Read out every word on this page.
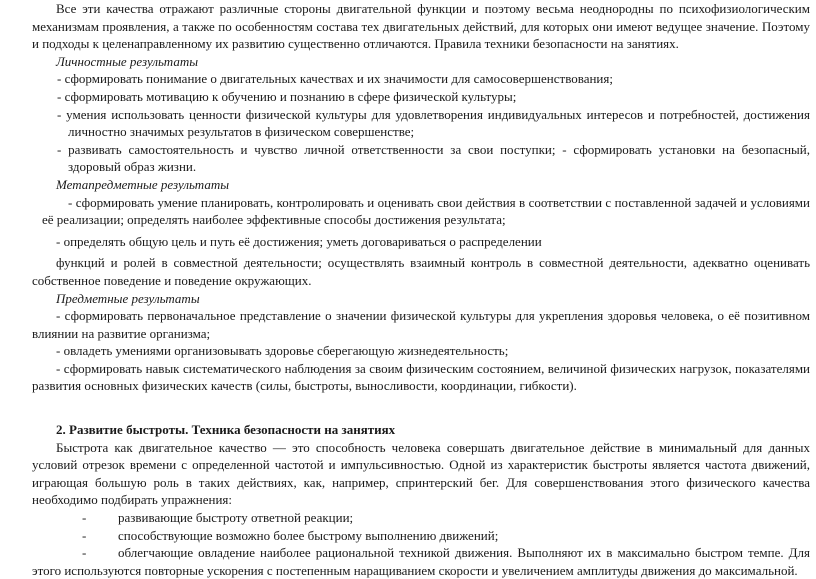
Все эти качества отражают различные стороны двигательной функции и поэтому весьма неоднородны по психофизиологическим механизмам проявления, а также по особенностям состава тех двигательных действий, для которых они имеют ведущее значение. Поэтому и подходы к целенаправленному их развитию существенно отличаются. Правила техники безопасности на занятиях.

Личностные результаты

- сформировать понимание о двигательных качествах и их значимости для самосовершенствования;

- сформировать мотивацию к обучению и познанию в сфере физической культуры;

- умения использовать ценности физической культуры для удовлетворения индивидуальных интересов и потребностей, достижения личностно значимых результатов в физическом совершенстве;

- развивать самостоятельность и чувство личной ответственности за свои поступки; - сформировать установки на безопасный, здоровый образ жизни.

Метапредметные результаты

- сформировать умение планировать, контролировать и оценивать свои действия в соответствии с поставленной задачей и условиями её реализации; определять наиболее эффективные способы достижения результата;

- определять общую цель и путь её достижения; уметь договариваться о распределении

функций и ролей в совместной деятельности; осуществлять взаимный контроль в совместной деятельности, адекватно оценивать собственное поведение и поведение окружающих.

Предметные результаты

- сформировать первоначальное представление о значении физической культуры для укрепления здоровья человека, о её позитивном влиянии на развитие организма;

- овладеть умениями организовывать здоровье сберегающую жизнедеятельность;

- сформировать навык систематического наблюдения за своим физическим состоянием, величиной физических нагрузок, показателями развития основных физических качеств (силы, быстроты, выносливости, координации, гибкости).

2. Развитие быстроты. Техника безопасности на занятиях

Быстрота как двигательное качество — это способность человека совершать двигательное действие в минимальный для данных условий отрезок времени с определенной частотой и импульсивностью. Одной из характеристик быстроты является частота движений, играющая большую роль в таких действиях, как, например, спринтерский бег. Для совершенствования этого физического качества необходимо подбирать упражнения:

- развивающие быстроту ответной реакции;

- способствующие возможно более быстрому выполнению движений;

- облегчающие овладение наиболее рациональной техникой движения. Выполняют их в максимально быстром темпе. Для этого используются повторные ускорения с постепенным наращиванием скорости и увеличением амплитуды движения до максимальной.
